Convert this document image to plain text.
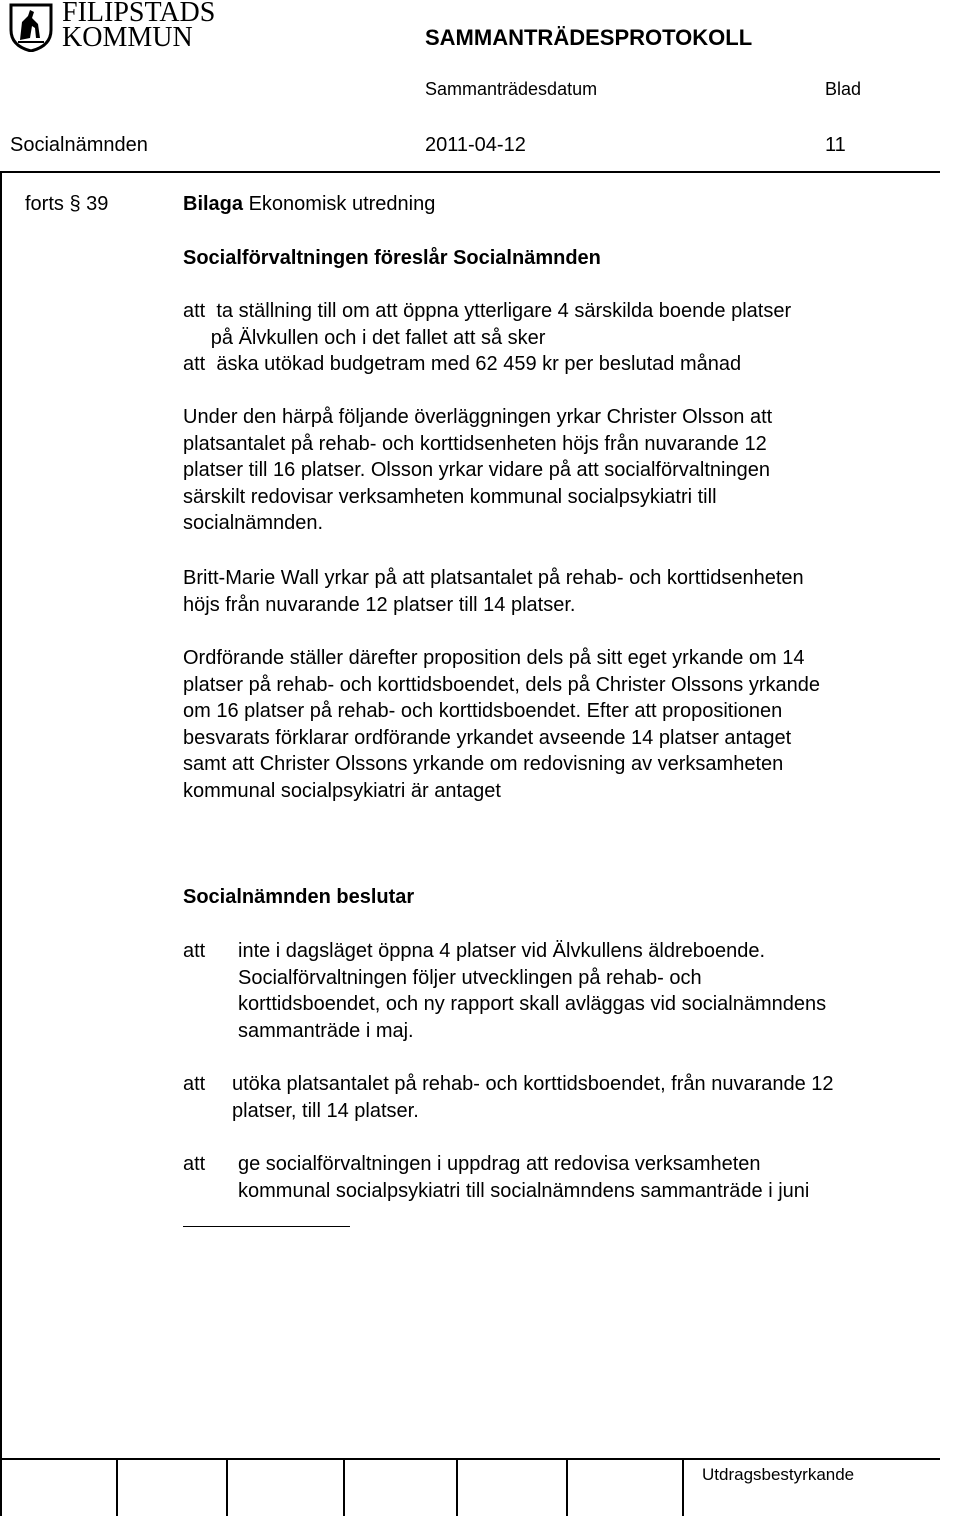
FILIPSTADS
KOMMUN	SAMMANTRÄDESPROTOKOLL
Sammanträdesdatum	Blad
Socialnämnden	2011-04-12	11
forts § 39	Bilaga Ekonomisk utredning
Socialförvaltningen föreslår Socialnämnden
att  ta ställning till om att öppna ytterligare 4 särskilda boende platser
på Älvkullen och i det fallet att så sker
att  äska utökad budgetram med 62 459 kr per beslutad månad
Under den härpå följande överläggningen yrkar Christer Olsson att
platsantalet på rehab- och korttidsenheten höjs från nuvarande 12
platser till 16 platser. Olsson yrkar vidare på att socialförvaltningen
särskilt redovisar verksamheten kommunal socialpsykiatri till
socialnämnden.
Britt-Marie Wall yrkar på att platsantalet på rehab- och korttidsenheten
höjs från nuvarande 12 platser till 14 platser.
Ordförande ställer därefter proposition dels på sitt eget yrkande om 14
platser på rehab- och korttidsboendet, dels på Christer Olssons yrkande
om 16 platser på rehab- och korttidsboendet. Efter att propositionen
besvarats förklarar ordförande yrkandet avseende 14 platser antaget
samt att Christer Olssons yrkande om redovisning av verksamheten
kommunal socialpsykiatri är antaget
Socialnämnden beslutar
att inte i dagsläget öppna 4 platser vid Älvkullens äldreboende.
Socialförvaltningen följer utvecklingen på rehab- och
korttidsboendet, och ny rapport skall avläggas vid socialnämndens
sammanträde i maj.
att utöka platsantalet på rehab- och korttidsboendet, från nuvarande 12
platser, till 14 platser.
att ge socialförvaltningen i uppdrag att redovisa verksamheten
kommunal socialpsykiatri till socialnämndens sammanträde i juni
Utdragsbestyrkande
